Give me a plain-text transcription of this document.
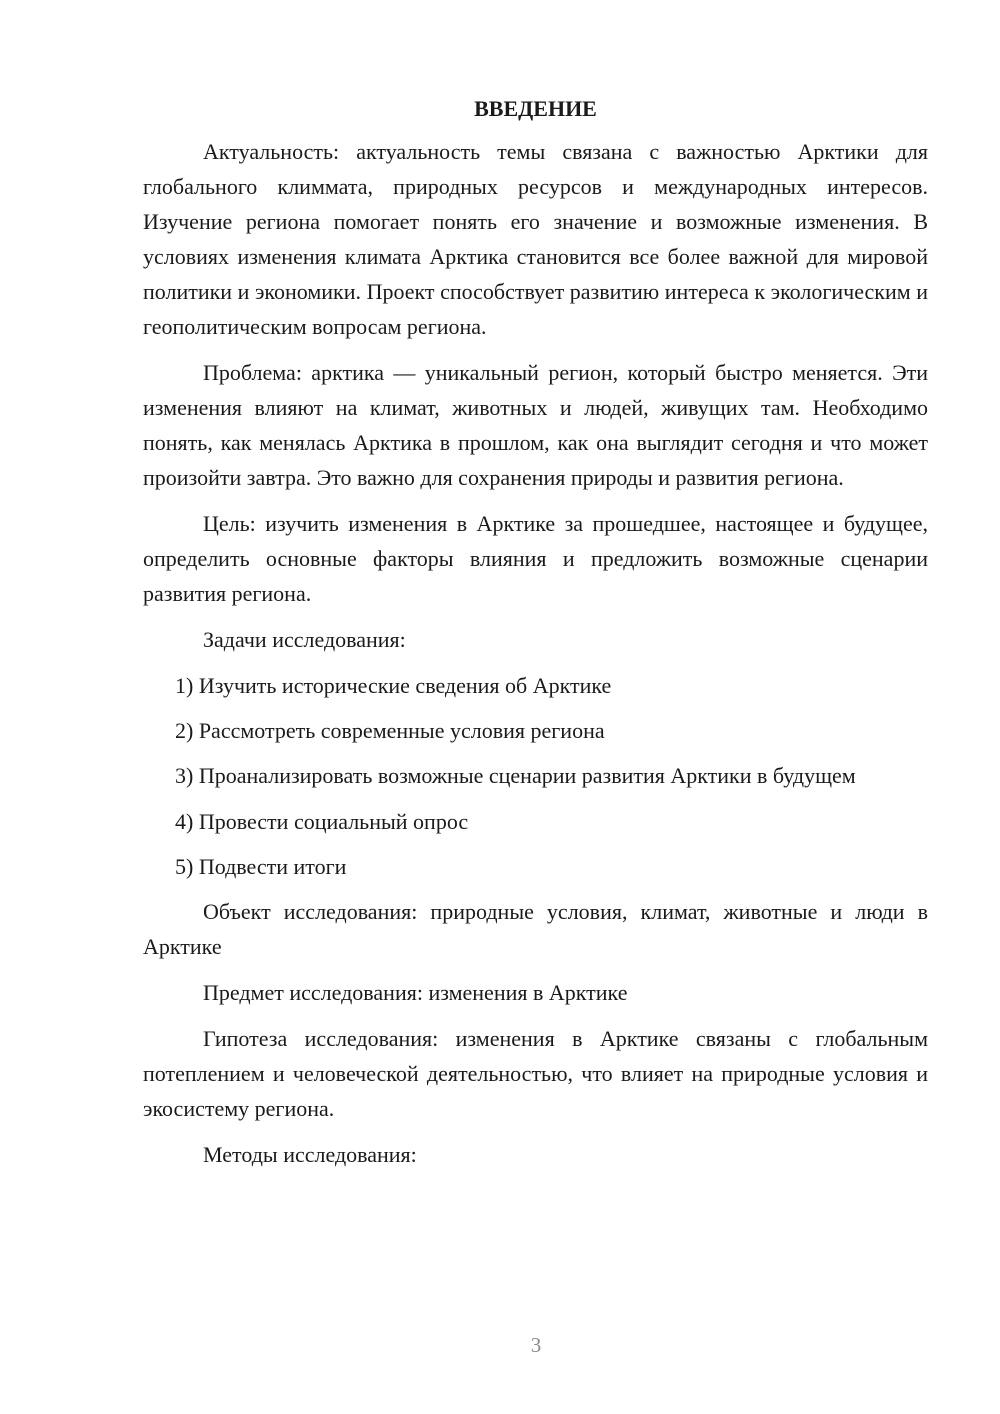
ВВЕДЕНИЕ

Актуальность: актуальность темы связана с важностью Арктики для глобального климмата, природных ресурсов и международных интересов. Изучение региона помогает понять его значение и возможные изменения. В условиях изменения климата Арктика становится все более важной для мировой политики и экономики. Проект способствует развитию интереса к экологическим и геополитическим вопросам региона.

Проблема: арктика — уникальный регион, который быстро меняется. Эти изменения влияют на климат, животных и людей, живущих там. Необходимо понять, как менялась Арктика в прошлом, как она выглядит сегодня и что может произойти завтра. Это важно для сохранения природы и развития региона.

Цель: изучить изменения в Арктике за прошедшее, настоящее и будущее, определить основные факторы влияния и предложить возможные сценарии развития региона.

Задачи исследования:

1) Изучить исторические сведения об Арктике

2) Рассмотреть современные условия региона

3) Проанализировать возможные сценарии развития Арктики в будущем

4) Провести социальный опрос

5) Подвести итоги

Объект исследования: природные условия, климат, животные и люди в Арктике

Предмет исследования: изменения в Арктике

Гипотеза исследования: изменения в Арктике связаны с глобальным потеплением и человеческой деятельностью, что влияет на природные условия и экосистему региона.

Методы исследования:

3
